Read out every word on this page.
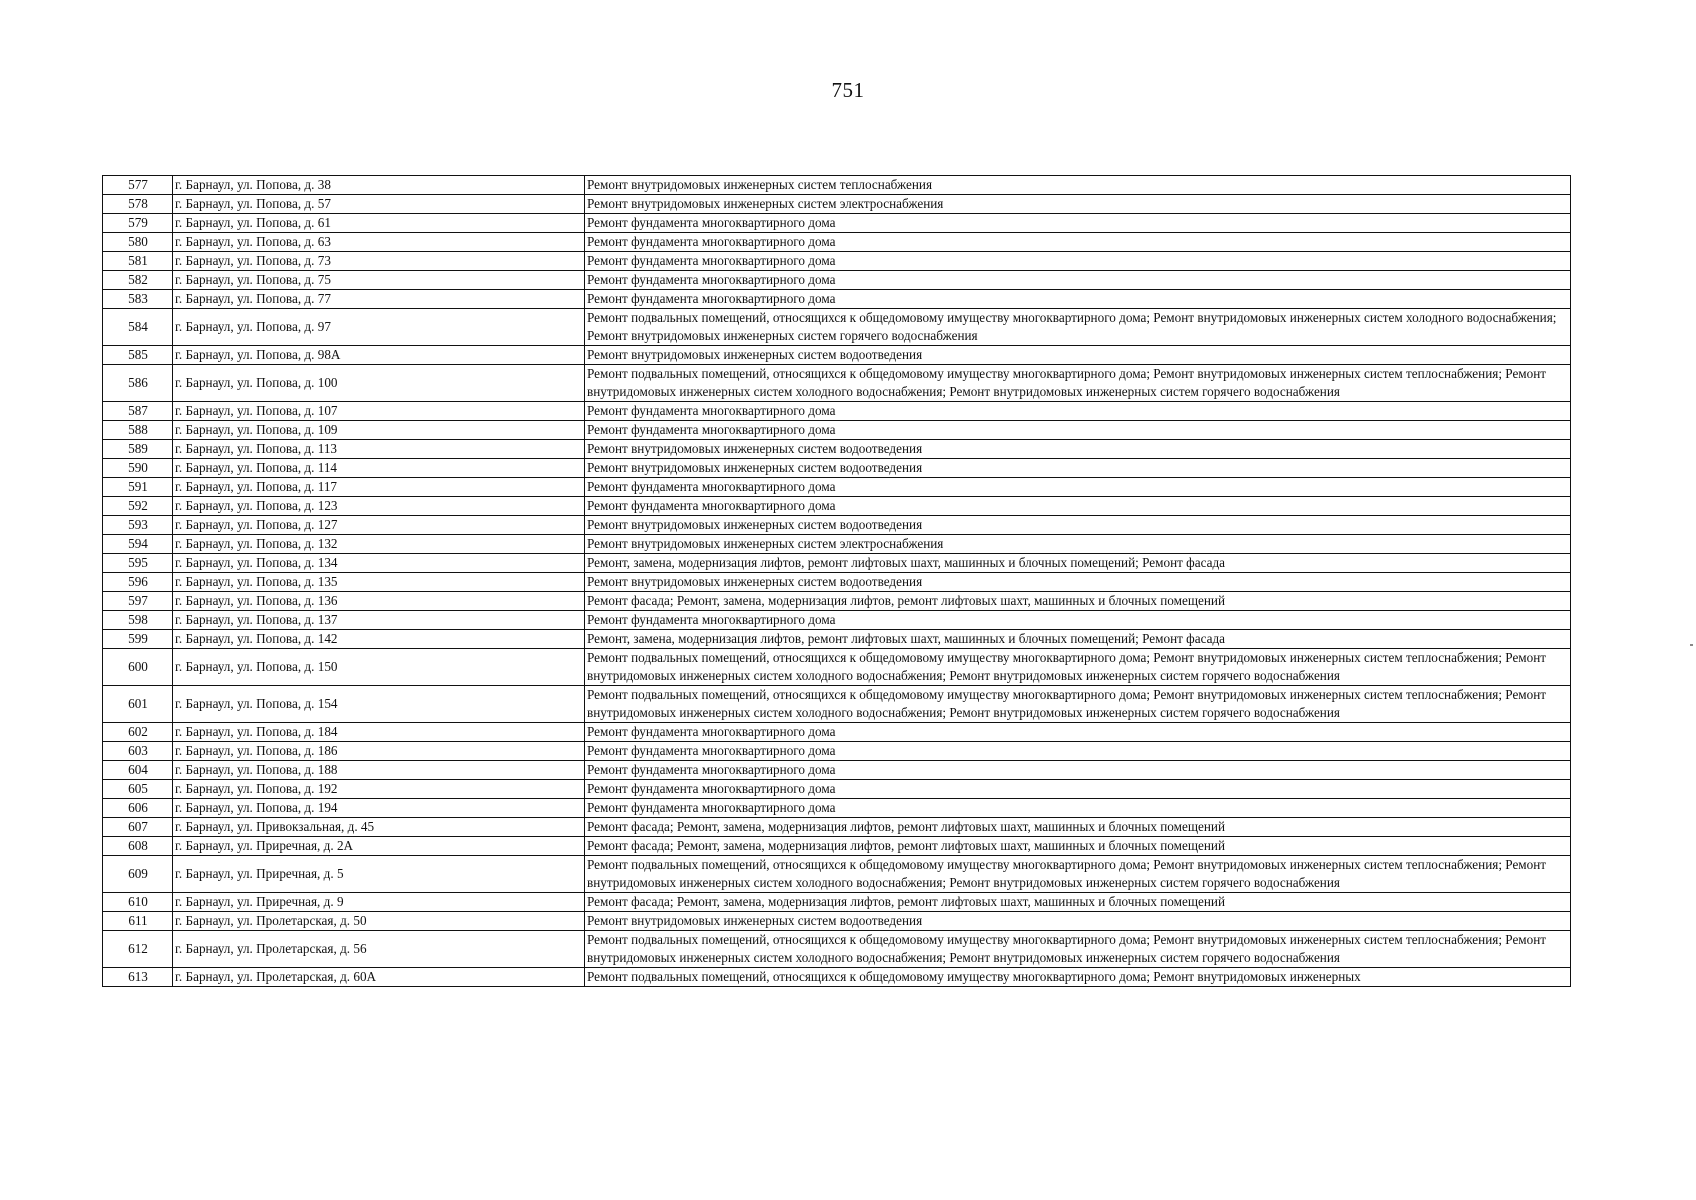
751
577	г. Барнаул, ул. Попова, д. 38	Ремонт внутридомовых инженерных систем теплоснабжения
578	г. Барнаул, ул. Попова, д. 57	Ремонт внутридомовых инженерных систем электроснабжения
579	г. Барнаул, ул. Попова, д. 61	Ремонт фундамента многоквартирного дома
580	г. Барнаул, ул. Попова, д. 63	Ремонт фундамента многоквартирного дома
581	г. Барнаул, ул. Попова, д. 73	Ремонт фундамента многоквартирного дома
582	г. Барнаул, ул. Попова, д. 75	Ремонт фундамента многоквартирного дома
583	г. Барнаул, ул. Попова, д. 77	Ремонт фундамента многоквартирного дома
584	г. Барнаул, ул. Попова, д. 97	Ремонт подвальных помещений, относящихся к общедомовому имуществу многоквартирного дома; Ремонт внутридомовых инженерных систем холодного водоснабжения; Ремонт внутридомовых инженерных систем горячего водоснабжения
585	г. Барнаул, ул. Попова, д. 98А	Ремонт внутридомовых инженерных систем водоотведения
586	г. Барнаул, ул. Попова, д. 100	Ремонт подвальных помещений, относящихся к общедомовому имуществу многоквартирного дома; Ремонт внутридомовых инженерных систем теплоснабжения; Ремонт внутридомовых инженерных систем холодного водоснабжения; Ремонт внутридомовых инженерных систем горячего водоснабжения
587	г. Барнаул, ул. Попова, д. 107	Ремонт фундамента многоквартирного дома
588	г. Барнаул, ул. Попова, д. 109	Ремонт фундамента многоквартирного дома
589	г. Барнаул, ул. Попова, д. 113	Ремонт внутридомовых инженерных систем водоотведения
590	г. Барнаул, ул. Попова, д. 114	Ремонт внутридомовых инженерных систем водоотведения
591	г. Барнаул, ул. Попова, д. 117	Ремонт фундамента многоквартирного дома
592	г. Барнаул, ул. Попова, д. 123	Ремонт фундамента многоквартирного дома
593	г. Барнаул, ул. Попова, д. 127	Ремонт внутридомовых инженерных систем водоотведения
594	г. Барнаул, ул. Попова, д. 132	Ремонт внутридомовых инженерных систем электроснабжения
595	г. Барнаул, ул. Попова, д. 134	Ремонт, замена, модернизация лифтов, ремонт лифтовых шахт, машинных и блочных помещений; Ремонт фасада
596	г. Барнаул, ул. Попова, д. 135	Ремонт внутридомовых инженерных систем водоотведения
597	г. Барнаул, ул. Попова, д. 136	Ремонт фасада; Ремонт, замена, модернизация лифтов, ремонт лифтовых шахт, машинных и блочных помещений
598	г. Барнаул, ул. Попова, д. 137	Ремонт фундамента многоквартирного дома
599	г. Барнаул, ул. Попова, д. 142	Ремонт, замена, модернизация лифтов, ремонт лифтовых шахт, машинных и блочных помещений; Ремонт фасада
600	г. Барнаул, ул. Попова, д. 150	Ремонт подвальных помещений, относящихся к общедомовому имуществу многоквартирного дома; Ремонт внутридомовых инженерных систем теплоснабжения; Ремонт внутридомовых инженерных систем холодного водоснабжения; Ремонт внутридомовых инженерных систем горячего водоснабжения
601	г. Барнаул, ул. Попова, д. 154	Ремонт подвальных помещений, относящихся к общедомовому имуществу многоквартирного дома; Ремонт внутридомовых инженерных систем теплоснабжения; Ремонт внутридомовых инженерных систем холодного водоснабжения; Ремонт внутридомовых инженерных систем горячего водоснабжения
602	г. Барнаул, ул. Попова, д. 184	Ремонт фундамента многоквартирного дома
603	г. Барнаул, ул. Попова, д. 186	Ремонт фундамента многоквартирного дома
604	г. Барнаул, ул. Попова, д. 188	Ремонт фундамента многоквартирного дома
605	г. Барнаул, ул. Попова, д. 192	Ремонт фундамента многоквартирного дома
606	г. Барнаул, ул. Попова, д. 194	Ремонт фундамента многоквартирного дома
607	г. Барнаул, ул. Привокзальная, д. 45	Ремонт фасада; Ремонт, замена, модернизация лифтов, ремонт лифтовых шахт, машинных и блочных помещений
608	г. Барнаул, ул. Приречная, д. 2А	Ремонт фасада; Ремонт, замена, модернизация лифтов, ремонт лифтовых шахт, машинных и блочных помещений
609	г. Барнаул, ул. Приречная, д. 5	Ремонт подвальных помещений, относящихся к общедомовому имуществу многоквартирного дома; Ремонт внутридомовых инженерных систем теплоснабжения; Ремонт внутридомовых инженерных систем холодного водоснабжения; Ремонт внутридомовых инженерных систем горячего водоснабжения
610	г. Барнаул, ул. Приречная, д. 9	Ремонт фасада; Ремонт, замена, модернизация лифтов, ремонт лифтовых шахт, машинных и блочных помещений
611	г. Барнаул, ул. Пролетарская, д. 50	Ремонт внутридомовых инженерных систем водоотведения
612	г. Барнаул, ул. Пролетарская, д. 56	Ремонт подвальных помещений, относящихся к общедомовому имуществу многоквартирного дома; Ремонт внутридомовых инженерных систем теплоснабжения; Ремонт внутридомовых инженерных систем холодного водоснабжения; Ремонт внутридомовых инженерных систем горячего водоснабжения
613	г. Барнаул, ул. Пролетарская, д. 60А	Ремонт подвальных помещений, относящихся к общедомовому имуществу многоквартирного дома; Ремонт внутридомовых инженерных
